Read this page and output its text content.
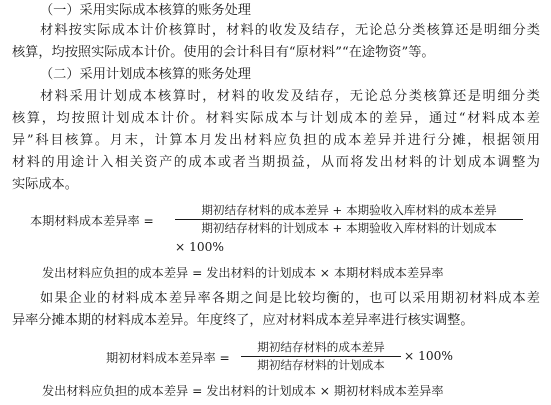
（一）采用实际成本核算的账务处理
材料按实际成本计价核算时，材料的收发及结存，无论总分类核算还是明细分类
核算，均按照实际成本计价。使用的会计科目有“原材料”“在途物资”等。
（二）采用计划成本核算的账务处理
材料采用计划成本核算时，材料的收发及结存，无论总分类核算还是明细分类
核算，均按照计划成本计价。材料实际成本与计划成本的差异，通过“材料成本差
异”科目核算。月末，计算本月发出材料应负担的成本差异并进行分摊，根据领用
材料的用途计入相关资产的成本或者当期损益，从而将发出材料的计划成本调整为
实际成本。
本期材料成本差异率 =
期初结存材料的成本差异 + 本期验收入库材料的成本差异
期初结存材料的计划成本 + 本期验收入库材料的计划成本
× 100%
发出材料应负担的成本差异 = 发出材料的计划成本 × 本期材料成本差异率
如果企业的材料成本差异率各期之间是比较均衡的，也可以采用期初材料成本差
异率分摊本期的材料成本差异。年度终了，应对材料成本差异率进行核实调整。
期初材料成本差异率 =
期初结存材料的成本差异
期初结存材料的计划成本
× 100%
发出材料应负担的成本差异 = 发出材料的计划成本 × 期初材料成本差异率
